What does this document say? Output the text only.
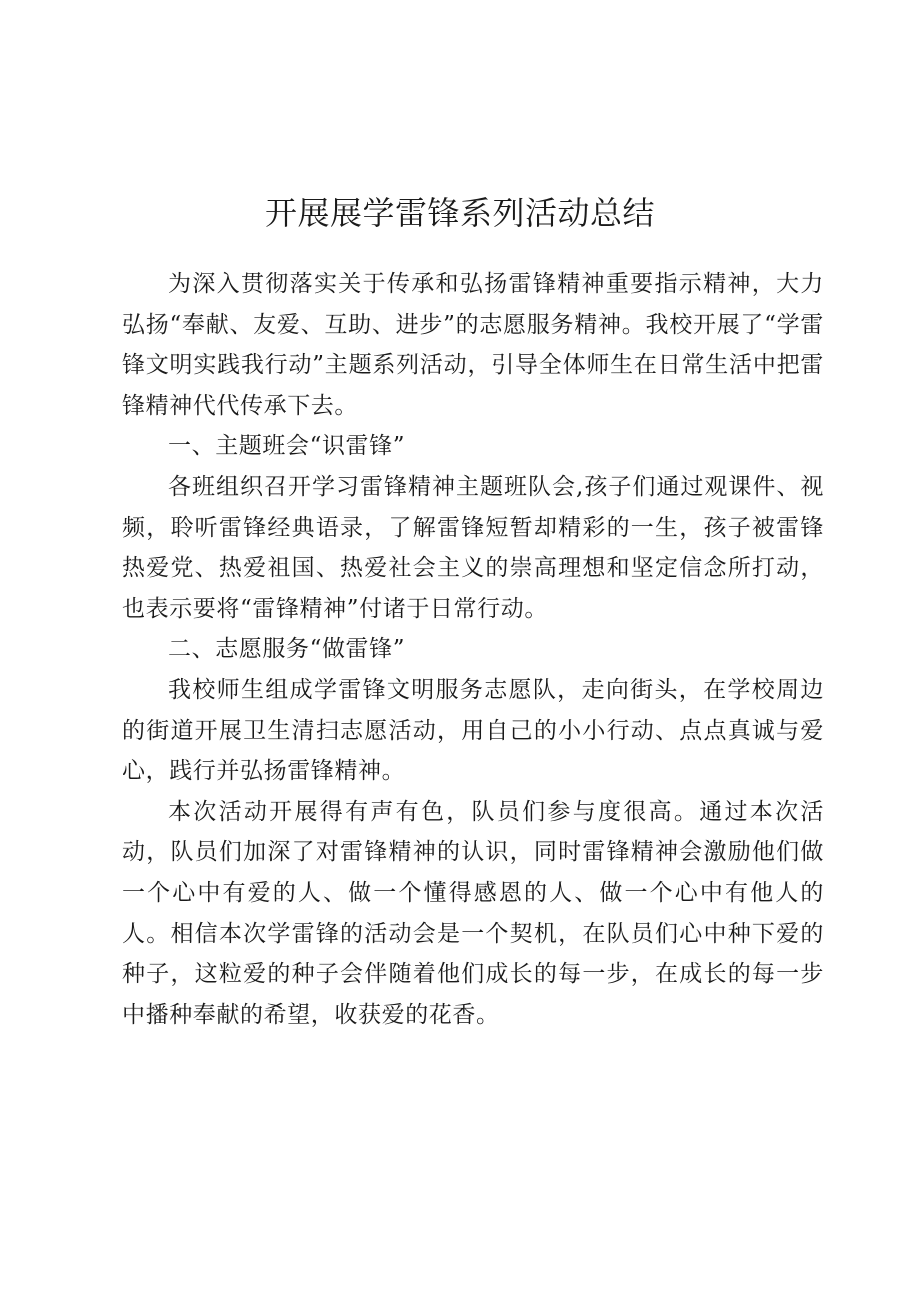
开展展学雷锋系列活动总结

为深入贯彻落实关于传承和弘扬雷锋精神重要指示精神，大力弘扬“奉献、友爱、互助、进步”的志愿服务精神。我校开展了“学雷锋文明实践我行动”主题系列活动，引导全体师生在日常生活中把雷锋精神代代传承下去。

一、主题班会“识雷锋”

各班组织召开学习雷锋精神主题班队会,孩子们通过观课件、视频，聆听雷锋经典语录，了解雷锋短暂却精彩的一生，孩子被雷锋热爱党、热爱祖国、热爱社会主义的崇高理想和坚定信念所打动，也表示要将“雷锋精神”付诸于日常行动。

二、志愿服务“做雷锋”

我校师生组成学雷锋文明服务志愿队，走向街头，在学校周边的街道开展卫生清扫志愿活动，用自己的小小行动、点点真诚与爱心，践行并弘扬雷锋精神。

本次活动开展得有声有色，队员们参与度很高。通过本次活动，队员们加深了对雷锋精神的认识，同时雷锋精神会激励他们做一个心中有爱的人、做一个懂得感恩的人、做一个心中有他人的人。相信本次学雷锋的活动会是一个契机，在队员们心中种下爱的种子，这粒爱的种子会伴随着他们成长的每一步，在成长的每一步中播种奉献的希望，收获爱的花香。
